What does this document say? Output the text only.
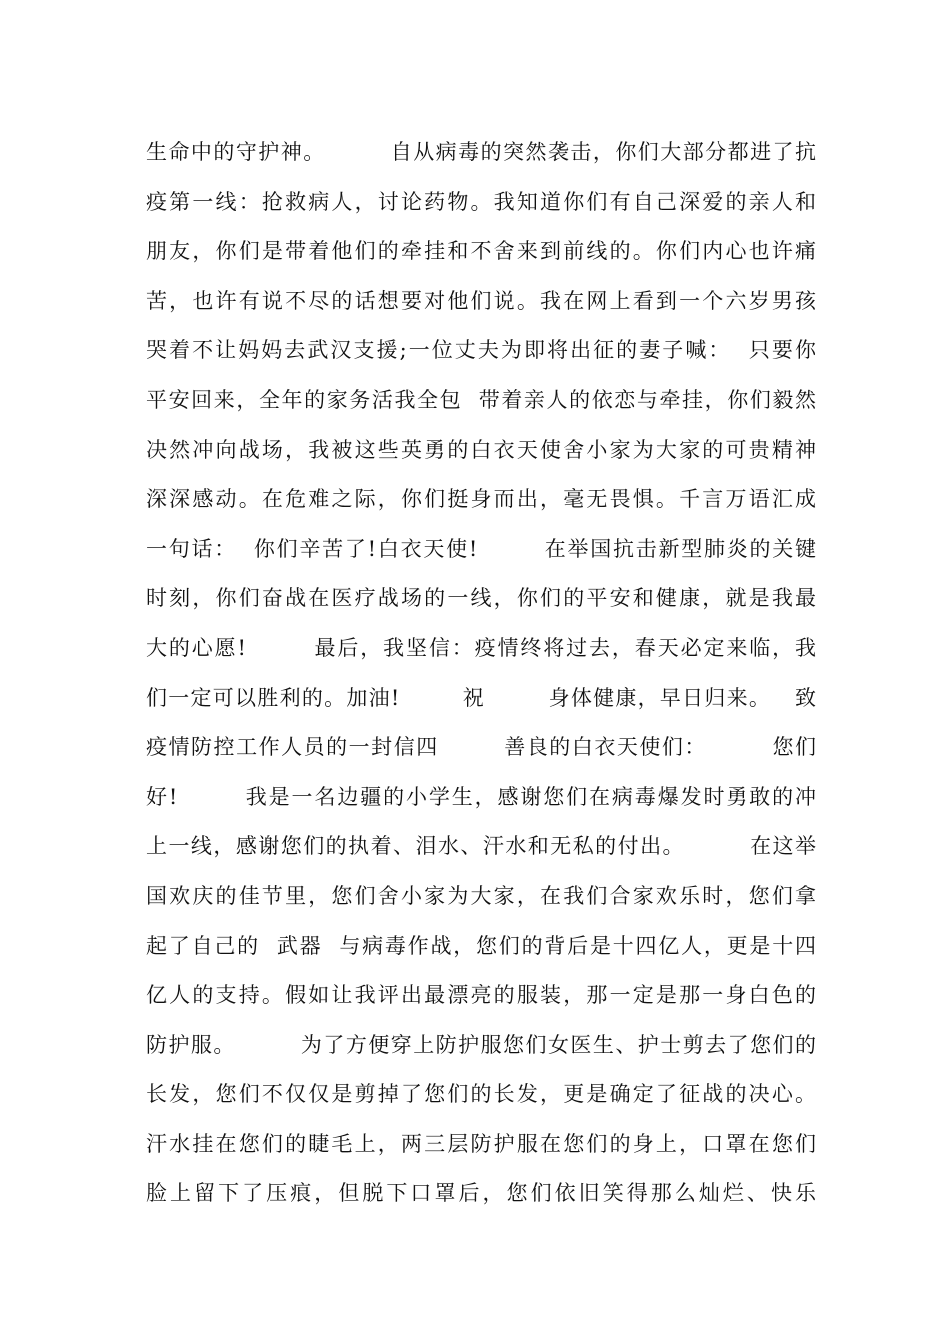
生命中的守护神。        自从病毒的突然袭击，你们大部分都进了抗
疫第一线：抢救病人，讨论药物。我知道你们有自己深爱的亲人和
朋友，你们是带着他们的牵挂和不舍来到前线的。你们内心也许痛
苦，也许有说不尽的话想要对他们说。我在网上看到一个六岁男孩
哭着不让妈妈去武汉支援;一位丈夫为即将出征的妻子喊：  只要你
平安回来，全年的家务活我全包  带着亲人的依恋与牵挂，你们毅然
决然冲向战场，我被这些英勇的白衣天使舍小家为大家的可贵精神
深深感动。在危难之际，你们挺身而出，毫无畏惧。千言万语汇成
一句话：  你们辛苦了!白衣天使!        在举国抗击新型肺炎的关键
时刻，你们奋战在医疗战场的一线，你们的平安和健康，就是我最
大的心愿!        最后，我坚信：疫情终将过去，春天必定来临，我
们一定可以胜利的。加油!        祝        身体健康，早日归来。   致
疫情防控工作人员的一封信四        善良的白衣天使们：        您们
好!        我是一名边疆的小学生，感谢您们在病毒爆发时勇敢的冲
上一线，感谢您们的执着、泪水、汗水和无私的付出。        在这举
国欢庆的佳节里，您们舍小家为大家，在我们合家欢乐时，您们拿
起了自己的  武器  与病毒作战，您们的背后是十四亿人，更是十四
亿人的支持。假如让我评出最漂亮的服装，那一定是那一身白色的
防护服。        为了方便穿上防护服您们女医生、护士剪去了您们的
长发，您们不仅仅是剪掉了您们的长发，更是确定了征战的决心。
汗水挂在您们的睫毛上，两三层防护服在您们的身上，口罩在您们
脸上留下了压痕，但脱下口罩后，您们依旧笑得那么灿烂、快乐
